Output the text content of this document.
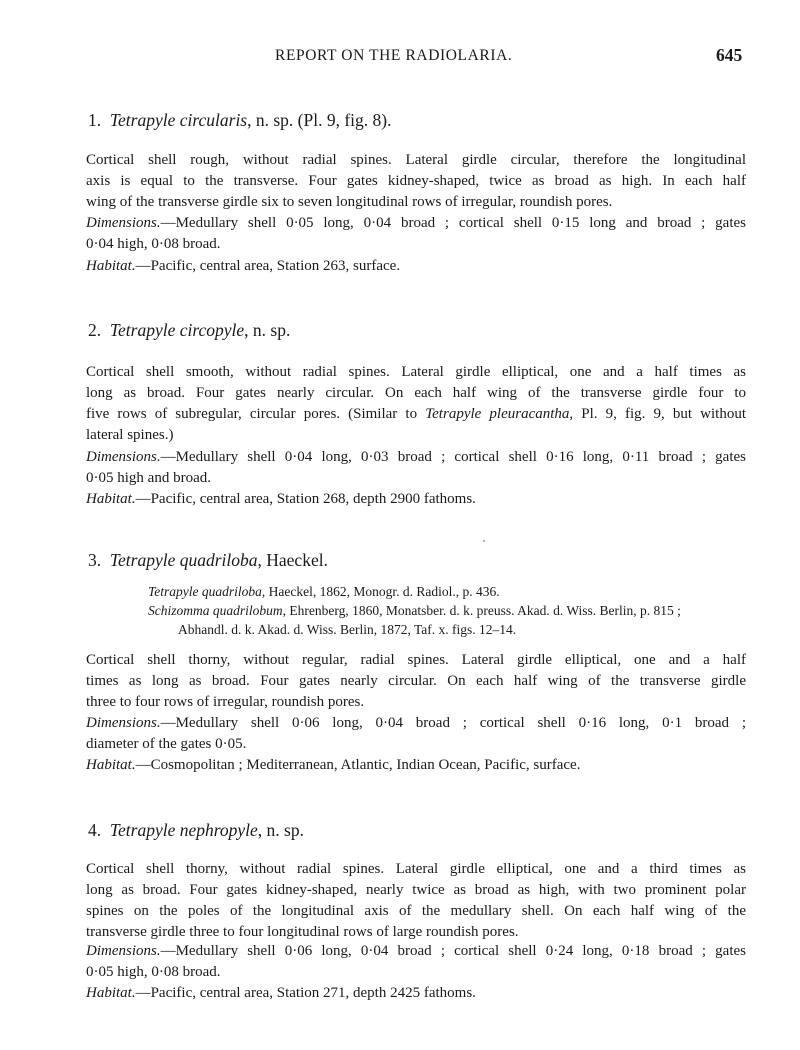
REPORT ON THE RADIOLARIA.	645
1. Tetrapyle circularis, n. sp. (Pl. 9, fig. 8).
Cortical shell rough, without radial spines. Lateral girdle circular, therefore the longitudinal
axis is equal to the transverse. Four gates kidney-shaped, twice as broad as high. In each half
wing of the transverse girdle six to seven longitudinal rows of irregular, roundish pores.
Dimensions.—Medullary shell 0·05 long, 0·04 broad ; cortical shell 0·15 long and broad ; gates
0·04 high, 0·08 broad.
Habitat.—Pacific, central area, Station 263, surface.
2. Tetrapyle circopyle, n. sp.
Cortical shell smooth, without radial spines. Lateral girdle elliptical, one and a half times as
long as broad. Four gates nearly circular. On each half wing of the transverse girdle four to
five rows of subregular, circular pores. (Similar to Tetrapyle pleuracantha, Pl. 9, fig. 9, but without
lateral spines.)
Dimensions.—Medullary shell 0·04 long, 0·03 broad ; cortical shell 0·16 long, 0·11 broad ; gates
0·05 high and broad.
Habitat.—Pacific, central area, Station 268, depth 2900 fathoms.
3. Tetrapyle quadriloba, Haeckel.
Tetrapyle quadriloba, Haeckel, 1862, Monogr. d. Radiol., p. 436.
Schizomma quadrilobum, Ehrenberg, 1860, Monatsber. d. k. preuss. Akad. d. Wiss. Berlin, p. 815 ;
Abhandl. d. k. Akad. d. Wiss. Berlin, 1872, Taf. x. figs. 12–14.
Cortical shell thorny, without regular, radial spines. Lateral girdle elliptical, one and a half
times as long as broad. Four gates nearly circular. On each half wing of the transverse girdle
three to four rows of irregular, roundish pores.
Dimensions.—Medullary shell 0·06 long, 0·04 broad ; cortical shell 0·16 long, 0·1 broad ;
diameter of the gates 0·05.
Habitat.—Cosmopolitan ; Mediterranean, Atlantic, Indian Ocean, Pacific, surface.
4. Tetrapyle nephropyle, n. sp.
Cortical shell thorny, without radial spines. Lateral girdle elliptical, one and a third times as
long as broad. Four gates kidney-shaped, nearly twice as broad as high, with two prominent polar
spines on the poles of the longitudinal axis of the medullary shell. On each half wing of the
transverse girdle three to four longitudinal rows of large roundish pores.
Dimensions.—Medullary shell 0·06 long, 0·04 broad ; cortical shell 0·24 long, 0·18 broad ; gates
0·05 high, 0·08 broad.
Habitat.—Pacific, central area, Station 271, depth 2425 fathoms.
